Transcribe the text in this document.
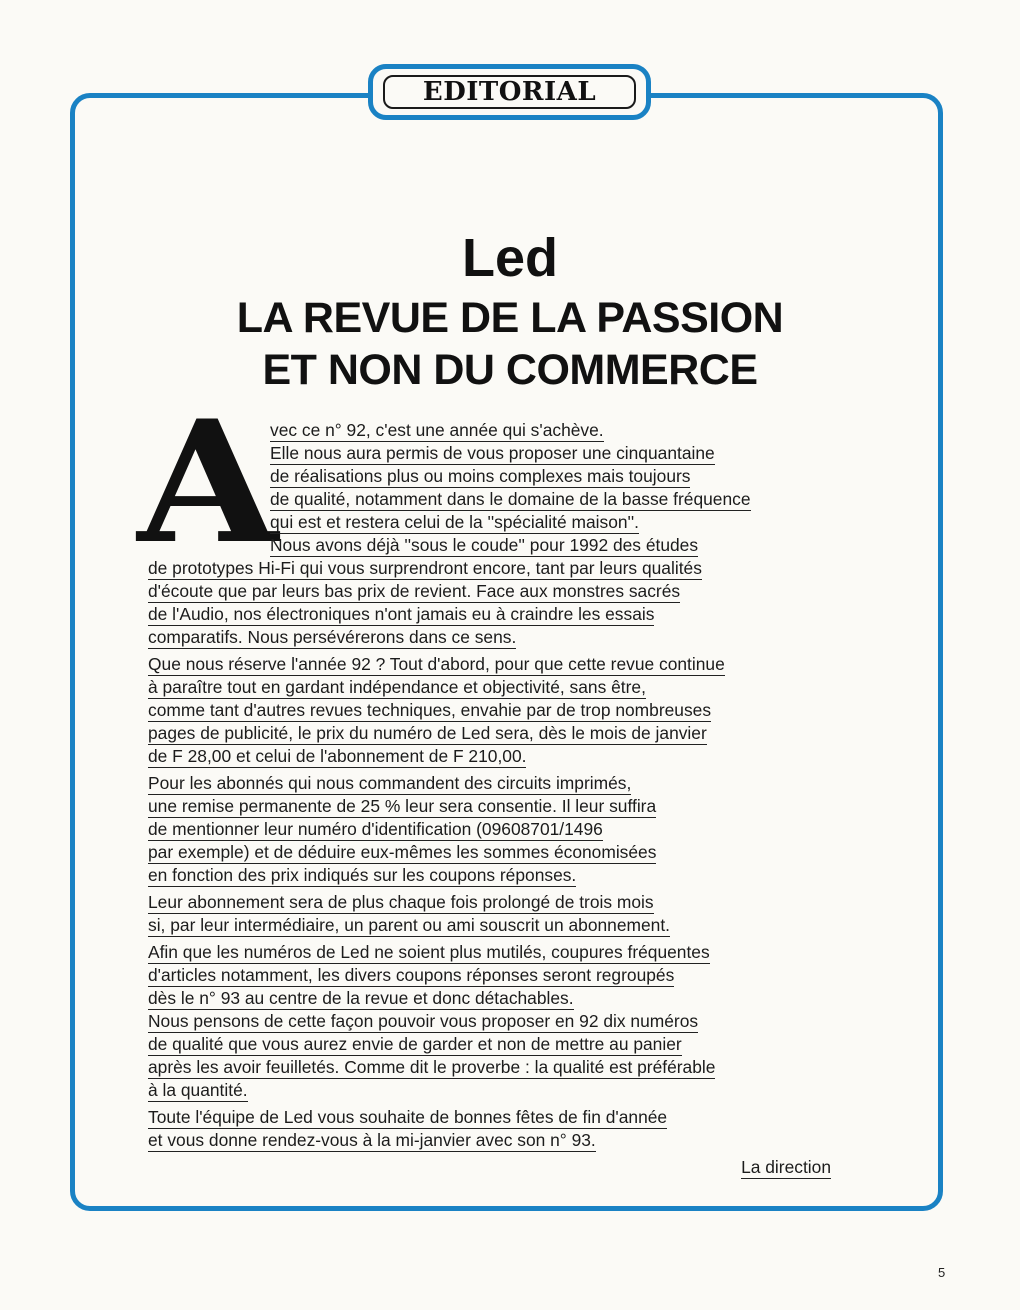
EDITORIAL
Led
LA REVUE DE LA PASSION
ET NON DU COMMERCE
A
vec ce n° 92, c'est une année qui s'achève.
Elle nous aura permis de vous proposer une cinquantaine
de réalisations plus ou moins complexes mais toujours
de qualité, notamment dans le domaine de la basse fréquence
qui est et restera celui de la ''spécialité maison''.
Nous avons déjà ''sous le coude'' pour 1992 des études
de prototypes Hi-Fi qui vous surprendront encore, tant par leurs qualités
d'écoute que par leurs bas prix de revient. Face aux monstres sacrés
de l'Audio, nos électroniques n'ont jamais eu à craindre les essais
comparatifs. Nous persévérerons dans ce sens.
Que nous réserve l'année 92 ? Tout d'abord, pour que cette revue continue
à paraître tout en gardant indépendance et objectivité, sans être,
comme tant d'autres revues techniques, envahie par de trop nombreuses
pages de publicité, le prix du numéro de Led sera, dès le mois de janvier
de F 28,00 et celui de l'abonnement de F 210,00.
Pour les abonnés qui nous commandent des circuits imprimés,
une remise permanente de 25 % leur sera consentie. Il leur suffira
de mentionner leur numéro d'identification (09608701/1496
par exemple) et de déduire eux-mêmes les sommes économisées
en fonction des prix indiqués sur les coupons réponses.
Leur abonnement sera de plus chaque fois prolongé de trois mois
si, par leur intermédiaire, un parent ou ami souscrit un abonnement.
Afin que les numéros de Led ne soient plus mutilés, coupures fréquentes
d'articles notamment, les divers coupons réponses seront regroupés
dès le n° 93 au centre de la revue et donc détachables.
Nous pensons de cette façon pouvoir vous proposer en 92 dix numéros
de qualité que vous aurez envie de garder et non de mettre au panier
après les avoir feuilletés. Comme dit le proverbe : la qualité est préférable
à la quantité.
Toute l'équipe de Led vous souhaite de bonnes fêtes de fin d'année
et vous donne rendez-vous à la mi-janvier avec son n° 93.
La direction
5
